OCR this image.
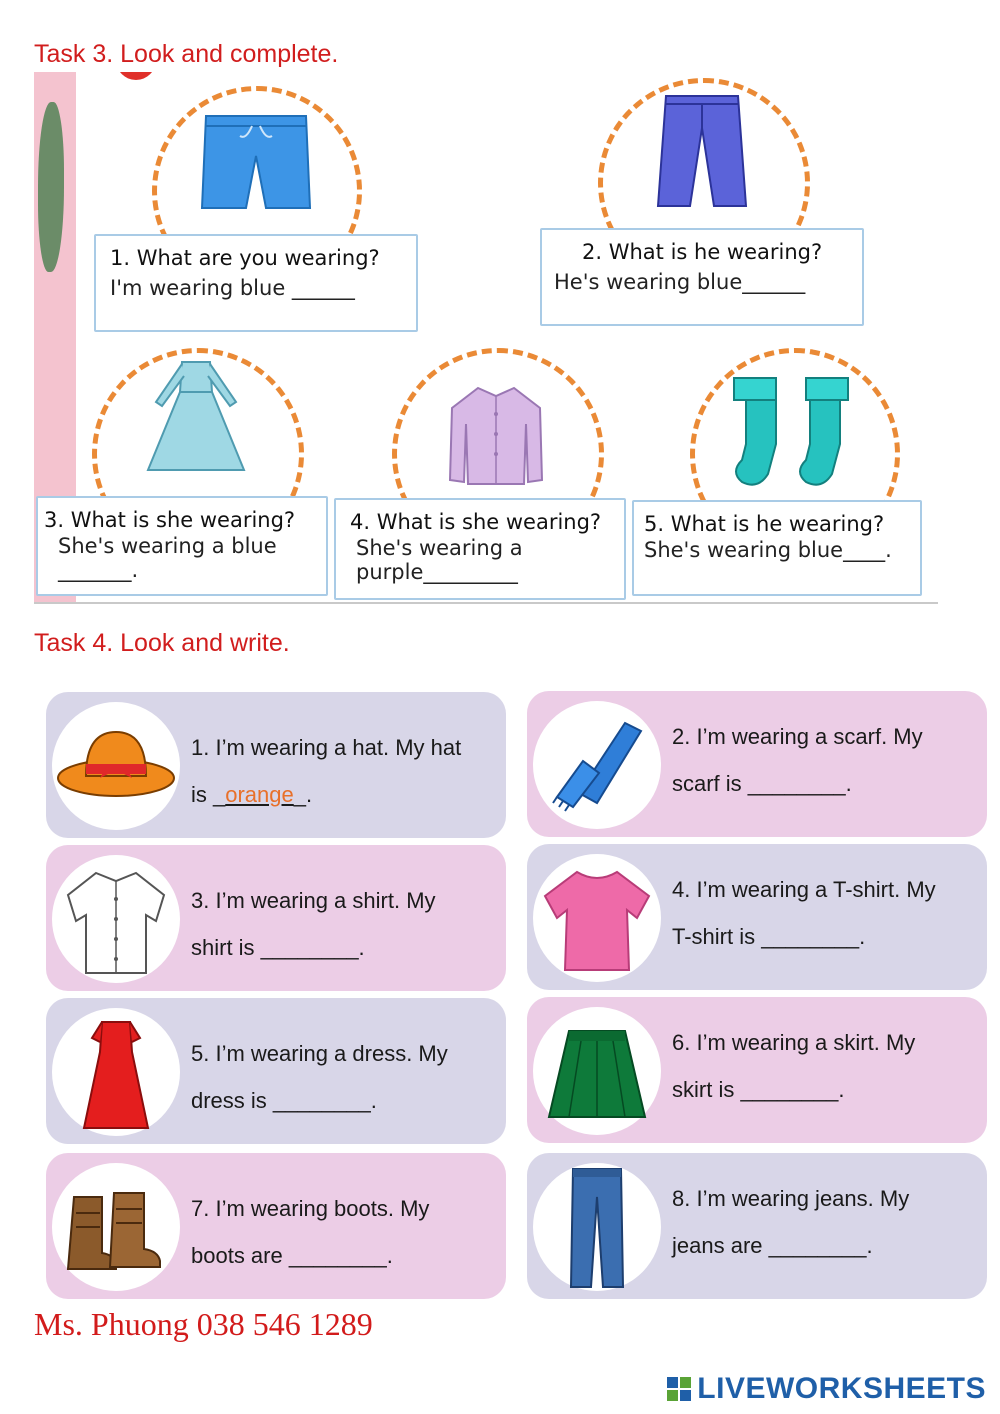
Task 3. Look and complete.
1. What are you wearing?
I'm wearing blue ______
2. What is he wearing?
He's wearing blue______
3. What is she wearing?
She's wearing a blue
_______.
4. What is she wearing?
She's wearing a
purple_________
5. What is he wearing?
She's wearing blue____.
Task 4. Look and write.
1. I’m wearing a hat. My hat
is _orange_.
2. I’m wearing a scarf. My
scarf is ________.
3. I’m wearing a shirt. My
shirt is ________.
4. I’m wearing a T-shirt. My
T-shirt is ________.
5. I’m wearing a dress. My
dress is ________.
6. I’m wearing a skirt. My
skirt is ________.
7. I’m wearing boots. My
boots are ________.
8. I’m wearing jeans. My
jeans are ________.
Ms. Phuong 038 546 1289
LIVEWORKSHEETS
